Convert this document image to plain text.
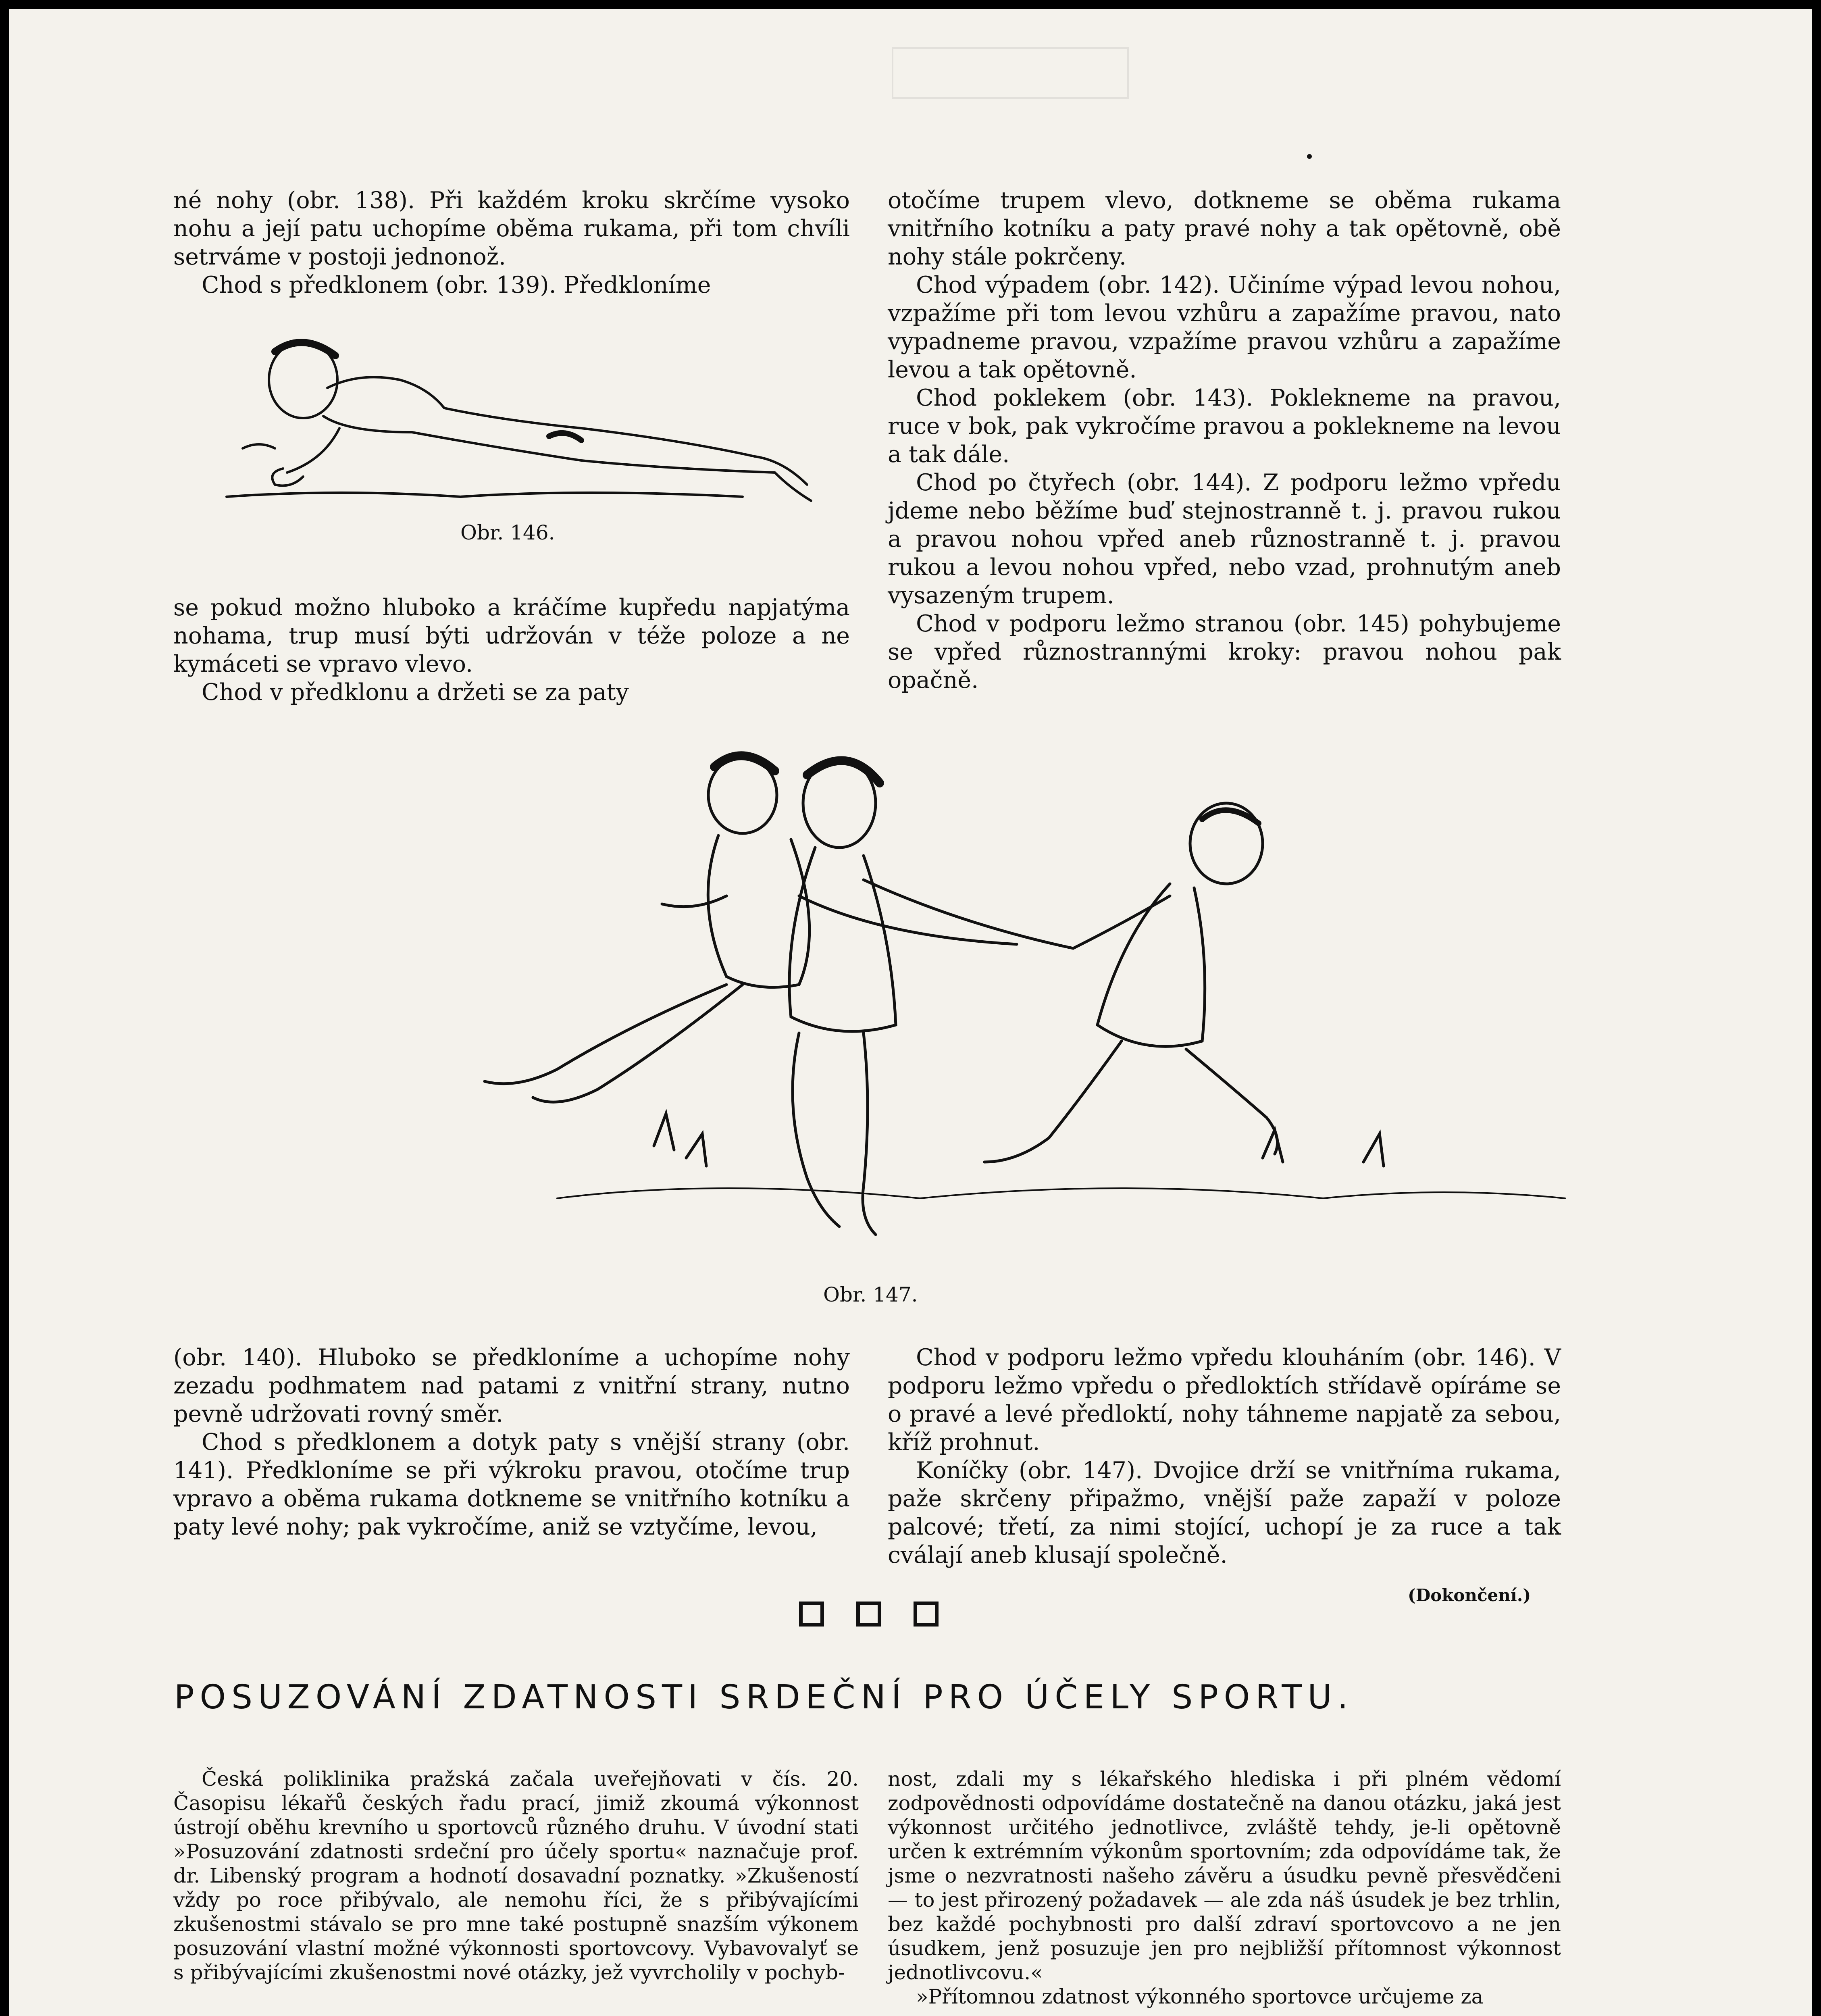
né nohy (obr. 138). Při každém kroku skrčíme vysoko nohu a její patu uchopíme oběma rukama, při tom chvíli setrváme v postoji jednonož.

Chod s předklonem (obr. 139). Předkloníme

Obr. 146.

se pokud možno hluboko a kráčíme kupředu napjatýma nohama, trup musí býti udržován v téže poloze a ne kymáceti se vpravo vlevo.

Chod v předklonu a držeti se za paty

otočíme trupem vlevo, dotkneme se oběma rukama vnitřního kotníku a paty pravé nohy a tak opětovně, obě nohy stále pokrčeny.

Chod výpadem (obr. 142). Učiníme výpad levou nohou, vzpažíme při tom levou vzhůru a zapažíme pravou, nato vypadneme pravou, vzpažíme pravou vzhůru a zapažíme levou a tak opětovně.

Chod poklekem (obr. 143). Poklekneme na pravou, ruce v bok, pak vykročíme pravou a poklekneme na levou a tak dále.

Chod po čtyřech (obr. 144). Z podporu ležmo vpředu jdeme nebo běžíme buď stejnostranně t. j. pravou rukou a pravou nohou vpřed aneb různostranně t. j. pravou rukou a levou nohou vpřed, nebo vzad, prohnutým aneb vysazeným trupem.

Chod v podporu ležmo stranou (obr. 145) pohybujeme se vpřed různostrannými kroky: pravou nohou pak opačně.

Obr. 147.

(obr. 140). Hluboko se předkloníme a uchopíme nohy zezadu podhmatem nad patami z vnitřní strany, nutno pevně udržovati rovný směr.

Chod s předklonem a dotyk paty s vnější strany (obr. 141). Předkloníme se při výkroku pravou, otočíme trup vpravo a oběma rukama dotkneme se vnitřního kotníku a paty levé nohy; pak vykročíme, aniž se vztyčíme, levou,

Chod v podporu ležmo vpředu klouháním (obr. 146). V podporu ležmo vpředu o předloktích střídavě opíráme se o pravé a levé předloktí, nohy táhneme napjatě za sebou, kříž prohnut.

Koníčky (obr. 147). Dvojice drží se vnitřníma rukama, paže skrčeny připažmo, vnější paže zapaží v poloze palcové; třetí, za nimi stojící, uchopí je za ruce a tak cválají aneb klusají společně.

(Dokončení.)
POSUZOVÁNÍ ZDATNOSTI SRDEČNÍ PRO ÚČELY SPORTU.

Česká poliklinika pražská začala uveřejňovati v čís. 20. Časopisu lékařů českých řadu prací, jimiž zkoumá výkonnost ústrojí oběhu krevního u sportovců různého druhu. V úvodní stati »Posuzování zdatnosti srdeční pro účely sportu« naznačuje prof. dr. Libenský program a hodnotí dosavadní poznatky. »Zkušeností vždy po roce přibývalo, ale nemohu říci, že s přibývajícími zkušenostmi stávalo se pro mne také postupně snazším výkonem posuzování vlastní možné výkonnosti sportovcovy. Vybavovalyť se s přibývajícími zkušenostmi nové otázky, jež vyvrcholily v pochyb-

nost, zdali my s lékařského hlediska i při plném vědomí zodpovědnosti odpovídáme dostatečně na danou otázku, jaká jest výkonnost určitého jednotlivce, zvláště tehdy, je-li opětovně určen k extrémním výkonům sportovním; zda odpovídáme tak, že jsme o nezvratnosti našeho závěru a úsudku pevně přesvědčeni — to jest přirozený požadavek — ale zda náš úsudek je bez trhlin, bez každé pochybnosti pro další zdraví sportovcovo a ne jen úsudkem, jenž posuzuje jen pro nejbližší přítomnost výkonnost jednotlivcovu.«

»Přítomnou zdatnost výkonného sportovce určujeme za
